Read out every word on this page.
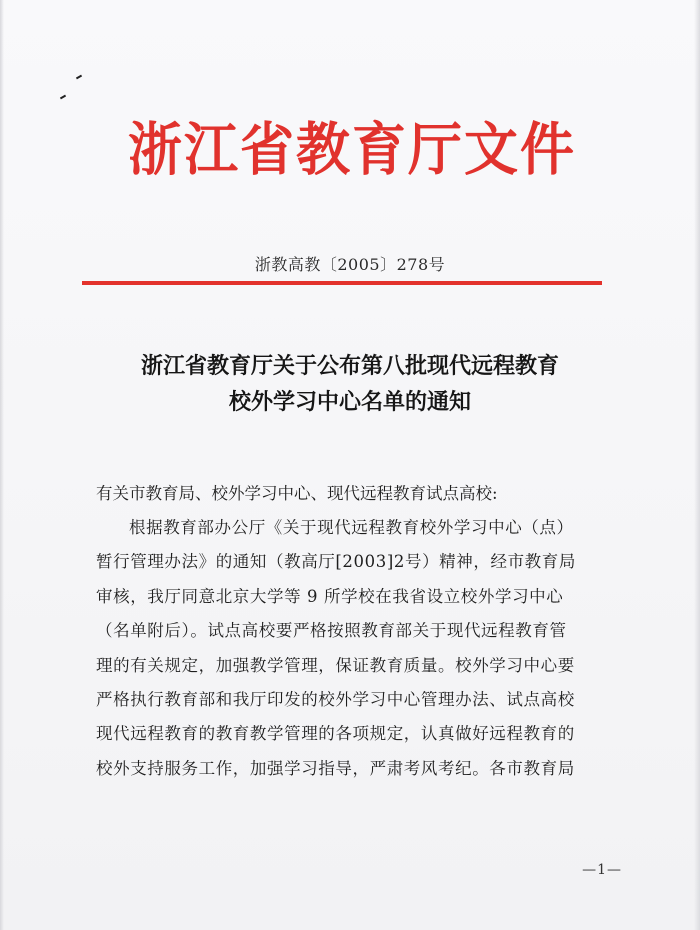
浙江省教育厅文件
浙教高教〔2005〕278号
浙江省教育厅关于公布第八批现代远程教育
校外学习中心名单的通知
有关市教育局、校外学习中心、现代远程教育试点高校:
根据教育部办公厅《关于现代远程教育校外学习中心（点）
暂行管理办法》的通知（教高厅[2003]2号）精神，经市教育局
审核，我厅同意北京大学等 9 所学校在我省设立校外学习中心
（名单附后）。试点高校要严格按照教育部关于现代远程教育管
理的有关规定，加强教学管理，保证教育质量。校外学习中心要
严格执行教育部和我厅印发的校外学习中心管理办法、试点高校
现代远程教育的教育教学管理的各项规定，认真做好远程教育的
校外支持服务工作，加强学习指导，严肃考风考纪。各市教育局
—1—
